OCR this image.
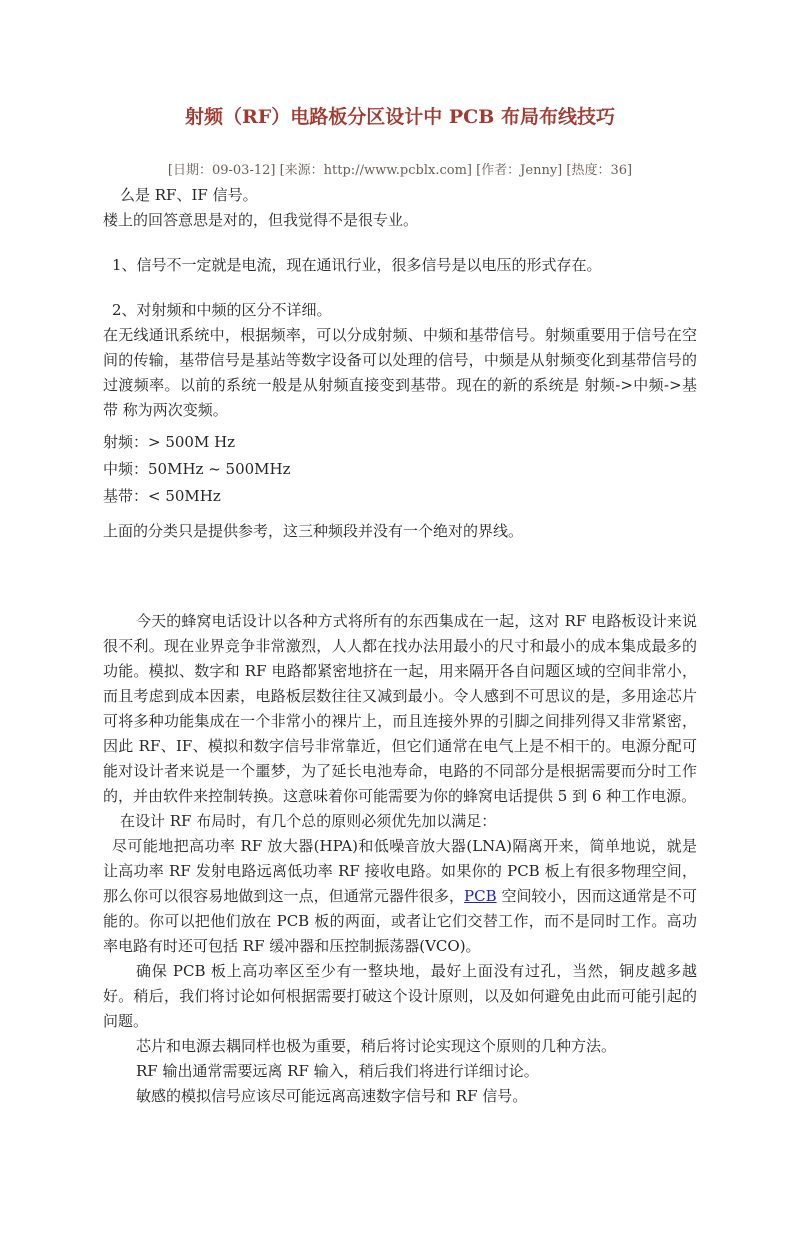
射频（RF）电路板分区设计中 PCB 布局布线技巧

[日期：09-03-12] [来源：http://www.pcblx.com] [作者：Jenny] [热度：36]

么是 RF、IF 信号。

楼上的回答意思是对的，但我觉得不是很专业。

1、信号不一定就是电流，现在通讯行业，很多信号是以电压的形式存在。

2、对射频和中频的区分不详细。

在无线通讯系统中，根据频率，可以分成射频、中频和基带信号。射频重要用于信号在空间的传输，基带信号是基站等数字设备可以处理的信号，中频是从射频变化到基带信号的过渡频率。以前的系统一般是从射频直接变到基带。现在的新的系统是 射频->中频->基带 称为两次变频。

射频：> 500M Hz

中频：50MHz ~ 500MHz

基带：< 50MHz

上面的分类只是提供参考，这三种频段并没有一个绝对的界线。

今天的蜂窝电话设计以各种方式将所有的东西集成在一起，这对 RF 电路板设计来说很不利。现在业界竞争非常激烈，人人都在找办法用最小的尺寸和最小的成本集成最多的功能。模拟、数字和 RF 电路都紧密地挤在一起，用来隔开各自问题区域的空间非常小，而且考虑到成本因素，电路板层数往往又减到最小。令人感到不可思议的是，多用途芯片可将多种功能集成在一个非常小的裸片上，而且连接外界的引脚之间排列得又非常紧密，因此 RF、IF、模拟和数字信号非常靠近，但它们通常在电气上是不相干的。电源分配可能对设计者来说是一个噩梦，为了延长电池寿命，电路的不同部分是根据需要而分时工作的，并由软件来控制转换。这意味着你可能需要为你的蜂窝电话提供 5 到 6 种工作电源。

在设计 RF 布局时，有几个总的原则必须优先加以满足：

尽可能地把高功率 RF 放大器(HPA)和低噪音放大器(LNA)隔离开来，简单地说，就是让高功率 RF 发射电路远离低功率 RF 接收电路。如果你的 PCB 板上有很多物理空间，那么你可以很容易地做到这一点，但通常元器件很多，PCB 空间较小，因而这通常是不可能的。你可以把他们放在 PCB 板的两面，或者让它们交替工作，而不是同时工作。高功率电路有时还可包括 RF 缓冲器和压控制振荡器(VCO)。

确保 PCB 板上高功率区至少有一整块地，最好上面没有过孔，当然，铜皮越多越好。稍后，我们将讨论如何根据需要打破这个设计原则，以及如何避免由此而可能引起的问题。

芯片和电源去耦同样也极为重要，稍后将讨论实现这个原则的几种方法。

RF 输出通常需要远离 RF 输入，稍后我们将进行详细讨论。

敏感的模拟信号应该尽可能远离高速数字信号和 RF 信号。
